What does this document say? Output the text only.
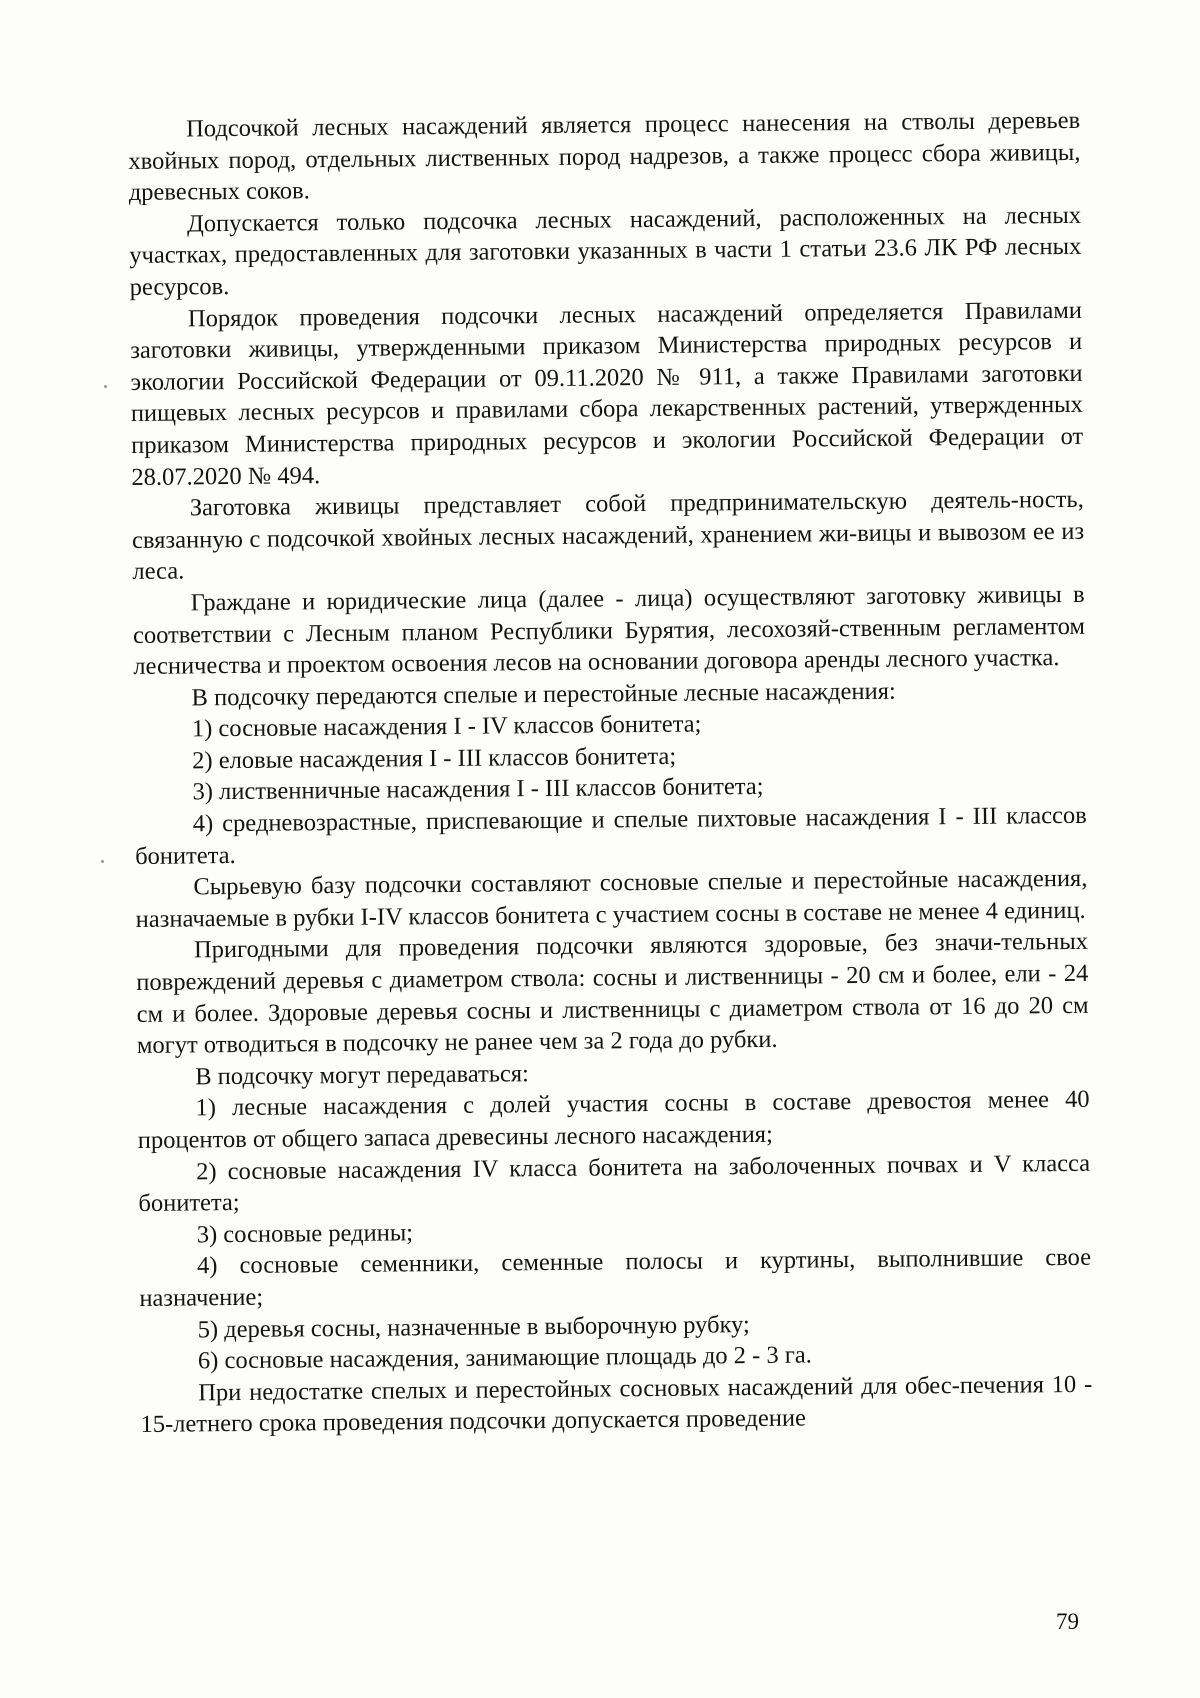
Подсочкой лесных насаждений является процесс нанесения на стволы деревьев хвойных пород, отдельных лиственных пород надрезов, а также процесс сбора живицы, древесных соков.

Допускается только подсочка лесных насаждений, расположенных на лесных участках, предоставленных для заготовки указанных в части 1 статьи 23.6 ЛК РФ лесных ресурсов.

Порядок проведения подсочки лесных насаждений определяется Правилами заготовки живицы, утвержденными приказом Министерства природных ресурсов и экологии Российской Федерации от 09.11.2020 № 911, а также Правилами заготовки пищевых лесных ресурсов и правилами сбора лекарственных растений, утвержденных приказом Министерства природных ресурсов и экологии Российской Федерации от 28.07.2020 № 494.

Заготовка живицы представляет собой предпринимательскую деятель-ность, связанную с подсочкой хвойных лесных насаждений, хранением жи-вицы и вывозом ее из леса.

Граждане и юридические лица (далее - лица) осуществляют заготовку живицы в соответствии с Лесным планом Республики Бурятия, лесохозяй-ственным регламентом лесничества и проектом освоения лесов на основании договора аренды лесного участка.

В подсочку передаются спелые и перестойные лесные насаждения:

1) сосновые насаждения I - IV классов бонитета;

2) еловые насаждения I - III классов бонитета;

3) лиственничные насаждения I - III классов бонитета;

4) средневозрастные, приспевающие и спелые пихтовые насаждения I - III классов бонитета.

Сырьевую базу подсочки составляют сосновые спелые и перестойные насаждения, назначаемые в рубки I-IV классов бонитета с участием сосны в составе не менее 4 единиц.

Пригодными для проведения подсочки являются здоровые, без значи-тельных повреждений деревья с диаметром ствола: сосны и лиственницы - 20 см и более, ели - 24 см и более. Здоровые деревья сосны и лиственницы с диаметром ствола от 16 до 20 см могут отводиться в подсочку не ранее чем за 2 года до рубки.

В подсочку могут передаваться:

1) лесные насаждения с долей участия сосны в составе древостоя менее 40 процентов от общего запаса древесины лесного насаждения;

2) сосновые насаждения IV класса бонитета на заболоченных почвах и V класса бонитета;

3) сосновые редины;

4) сосновые семенники, семенные полосы и куртины, выполнившие свое назначение;

5) деревья сосны, назначенные в выборочную рубку;

6) сосновые насаждения, занимающие площадь до 2 - 3 га.

При недостатке спелых и перестойных сосновых насаждений для обес-печения 10 - 15-летнего срока проведения подсочки допускается проведение

79
